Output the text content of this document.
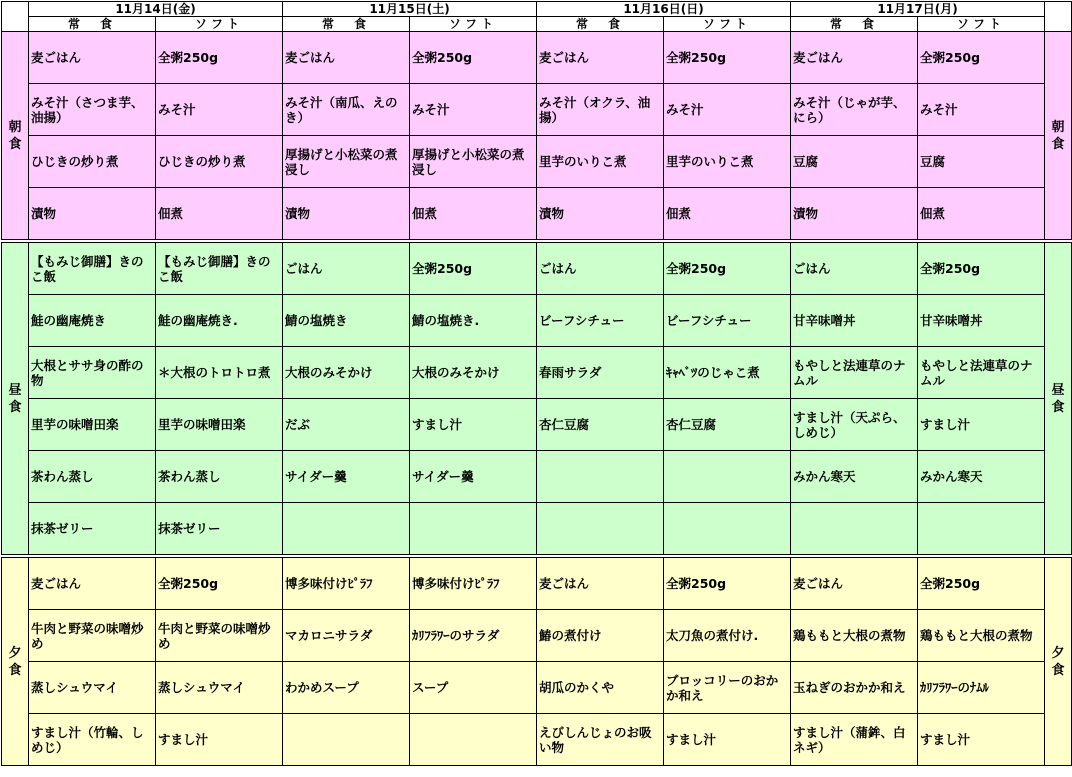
	11月14日(金)		11月15日(土)		11月16日(日)		11月17日(月)		
	常　食	ソフト	常　食	ソフト	常　食	ソフト	常　食	ソフト	
朝
食	麦ごはん	全粥250g	麦ごはん	全粥250g	麦ごはん	全粥250g	麦ごはん	全粥250g	朝
食
	みそ汁（さつま芋、油揚）	みそ汁	みそ汁（南瓜、えのき）	みそ汁	みそ汁（オクラ、油揚）	みそ汁	みそ汁（じゃが芋、にら）	みそ汁	
	ひじきの炒り煮	ひじきの炒り煮	厚揚げと小松菜の煮浸し	厚揚げと小松菜の煮浸し	里芋のいりこ煮	里芋のいりこ煮	豆腐	豆腐	
	漬物	佃煮	漬物	佃煮	漬物	佃煮	漬物	佃煮	

昼
食	【もみじ御膳】きのこ飯	【もみじ御膳】きのこ飯	ごはん	全粥250g	ごはん	全粥250g	ごはん	全粥250g	昼
食
	鮭の幽庵焼き	鮭の幽庵焼き.	鯖の塩焼き	鯖の塩焼き.	ビーフシチュー	ビーフシチュー	甘辛味噌丼	甘辛味噌丼	
	大根とササ身の酢の物	＊大根のトロトロ煮	大根のみそかけ	大根のみそかけ	春雨サラダ	ｷｬﾍﾞﾂのじゃこ煮	もやしと法連草のナムル	もやしと法連草のナムル	
	里芋の味噌田楽	里芋の味噌田楽	だぶ	すまし汁	杏仁豆腐	杏仁豆腐	すまし汁（天ぷら、しめじ）	すまし汁	
	茶わん蒸し	茶わん蒸し	サイダー羹	サイダー羹			みかん寒天	みかん寒天	
	抹茶ゼリー	抹茶ゼリー							

夕
食	麦ごはん	全粥250g	博多味付けﾋﾟﾗﾌ	博多味付けﾋﾟﾗﾌ	麦ごはん	全粥250g	麦ごはん	全粥250g	夕
食
	牛肉と野菜の味噌炒め	牛肉と野菜の味噌炒め	マカロニサラダ	ｶﾘﾌﾗﾜｰのサラダ	鰆の煮付け	太刀魚の煮付け.	鶏ももと大根の煮物	鶏ももと大根の煮物	
	蒸しシュウマイ	蒸しシュウマイ	わかめスープ	スープ	胡瓜のかくや	ブロッコリーのおかか和え	玉ねぎのおかか和え	ｶﾘﾌﾗﾜｰのﾅﾑﾙ	
	すまし汁（竹輪、しめじ）	すまし汁			えびしんじょのお吸い物	すまし汁	すまし汁（蒲鉾、白ネギ）	すまし汁	
